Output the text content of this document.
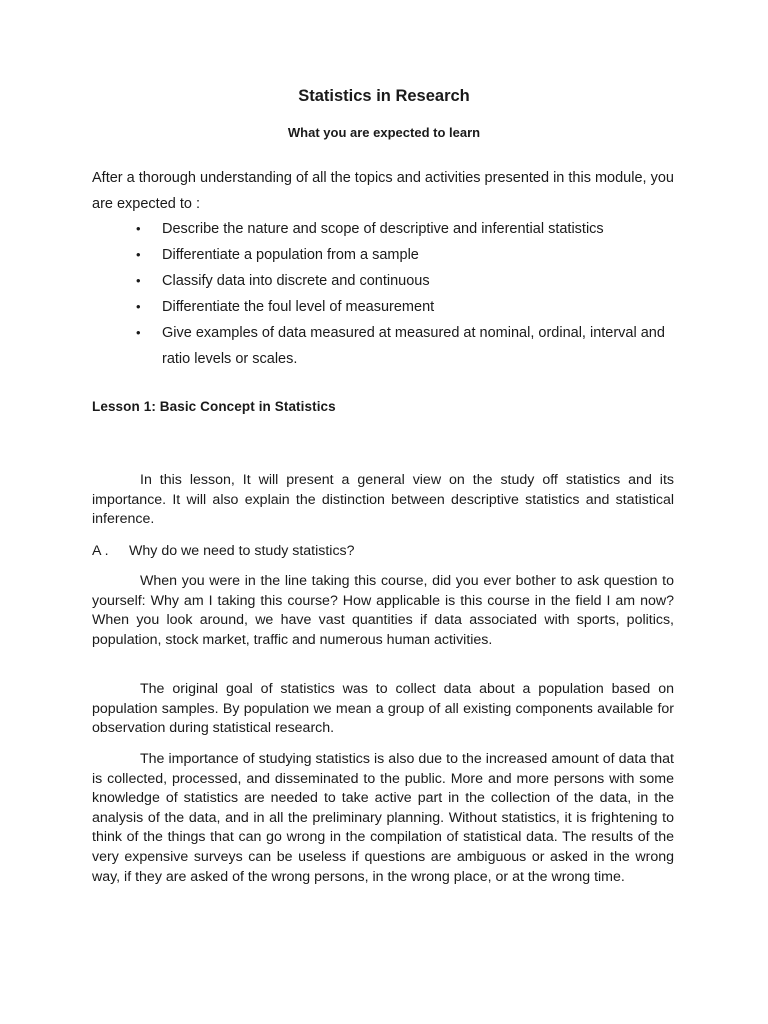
Statistics in Research
What you are expected to learn

After a thorough understanding of all the topics and activities presented in this module, you are expected to :

• Describe the nature and scope of descriptive and inferential statistics
• Differentiate a population from a sample
• Classify data into discrete and continuous
• Differentiate the foul level of measurement
• Give examples of data measured at measured at nominal, ordinal, interval and ratio levels or scales.
Lesson 1: Basic Concept in Statistics

In this lesson, It will present a general view on the study off statistics and its importance. It will also explain the distinction between descriptive statistics and statistical inference.

A . Why do we need to study statistics?

When you were in the line taking this course, did you ever bother to ask question to yourself: Why am I taking this course? How applicable is this course in the field I am now? When you look around, we have vast quantities if data associated with sports, politics, population, stock market, traffic and numerous human activities.

The original goal of statistics was to collect data about a population based on population samples. By population we mean a group of all existing components available for observation during statistical research.

The importance of studying statistics is also due to the increased amount of data that is collected, processed, and disseminated to the public. More and more persons with some knowledge of statistics are needed to take active part in the collection of the data, in the analysis of the data, and in all the preliminary planning. Without statistics, it is frightening to think of the things that can go wrong in the compilation of statistical data. The results of the very expensive surveys can be useless if questions are ambiguous or asked in the wrong way, if they are asked of the wrong persons, in the wrong place, or at the wrong time.
